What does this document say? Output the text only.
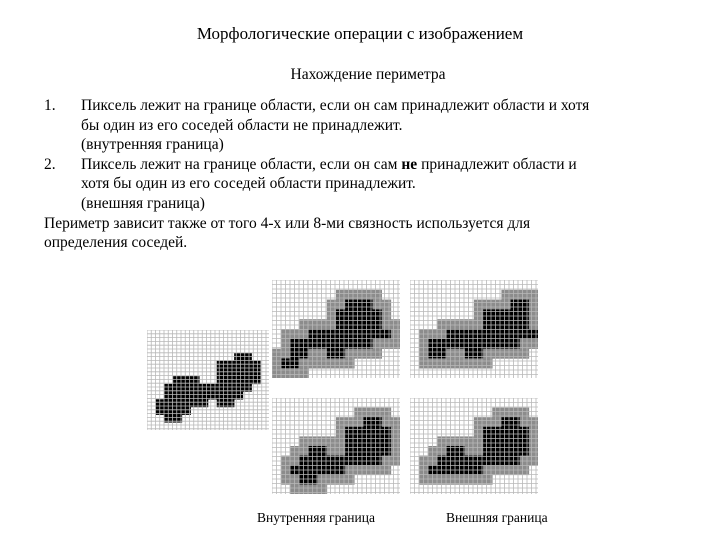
Морфологические операции с изображением
Нахождение периметра
1. Пиксель лежит на границе области, если он сам принадлежит области и хотя бы один из его соседей области не принадлежит.
(внутренняя граница)
2. Пиксель лежит на границе области, если он сам не принадлежит области и хотя бы один из его соседей области принадлежит.
(внешняя граница)
Периметр зависит также от того 4-х или 8-ми связность используется для определения соседей.
Внутренняя граница	Внешняя граница
